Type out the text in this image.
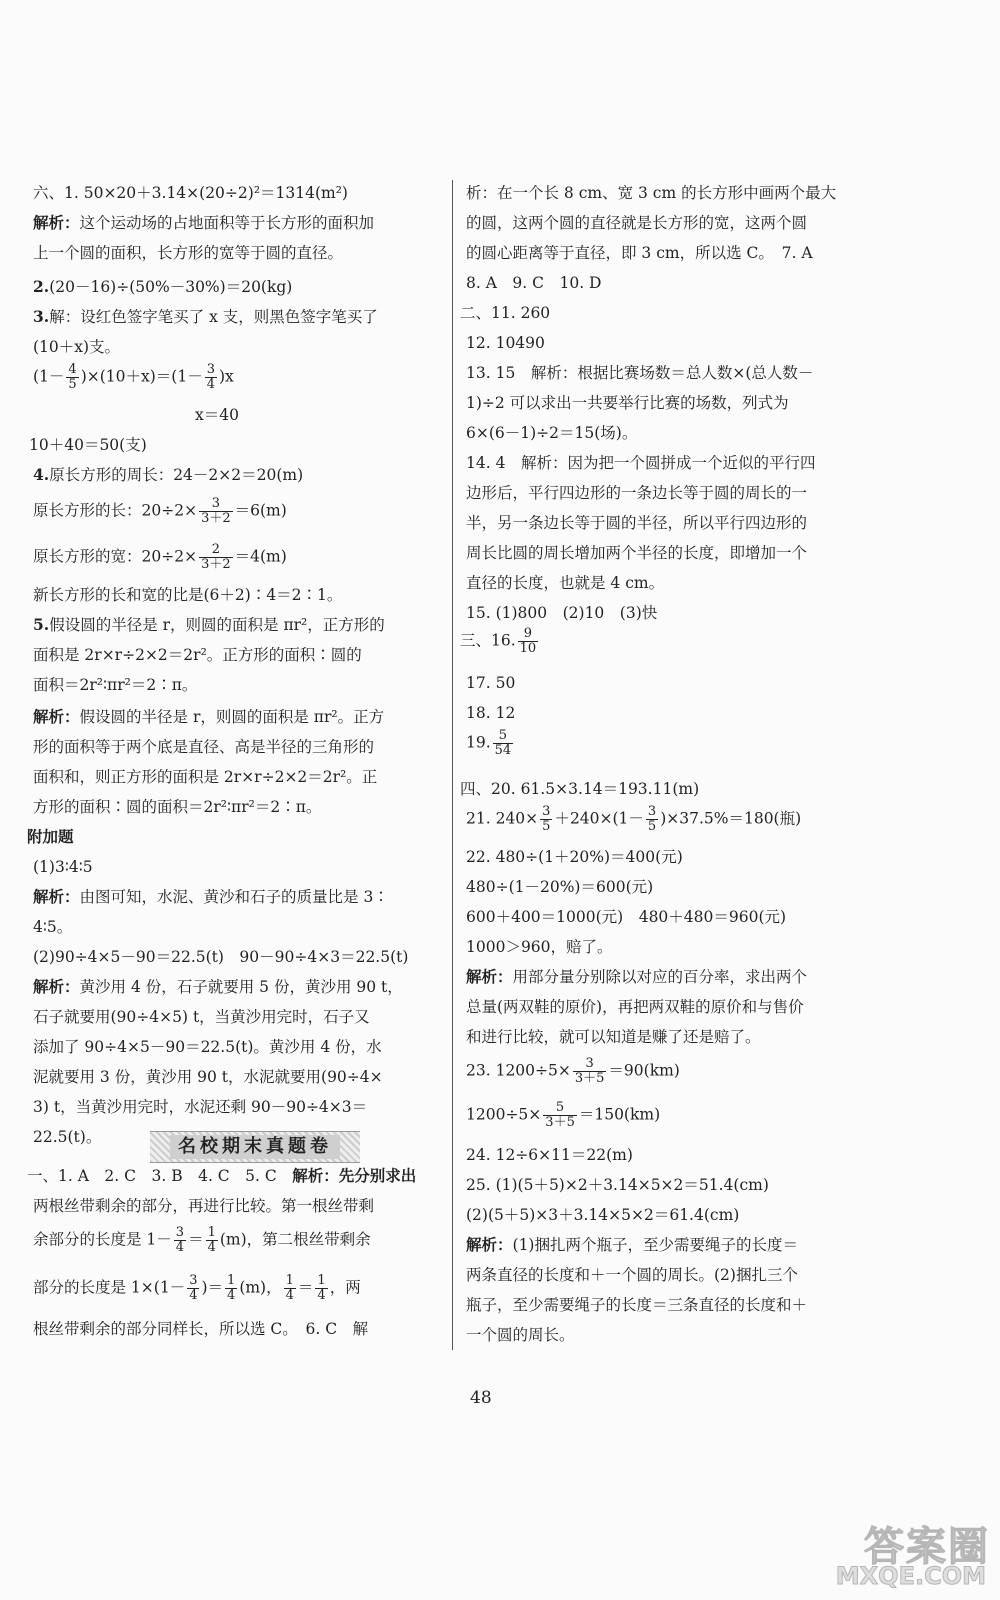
六、1. 50×20＋3.14×(20÷2)²＝1314(m²)
解析：这个运动场的占地面积等于长方形的面积加
上一个圆的面积，长方形的宽等于圆的直径。
2.(20－16)÷(50%－30%)＝20(kg)
3.解：设红色签字笔买了 x 支，则黑色签字笔买了
(10＋x)支。
$(1- \frac{4}{5} )\times(10+x)=(1- \frac{3}{4} )x$
x＝40
10＋40＝50(支)
4.原长方形的周长：24－2×2＝20(m)
原长方形的长：$20\div 2\times \frac{3}{3+2} =6(m)$
原长方形的宽：$20\div 2\times \frac{2}{3+2} =4(m)$
新长方形的长和宽的比是(6＋2)∶4＝2∶1。
5.假设圆的半径是 r，则圆的面积是 πr²，正方形的
面积是 2r×r÷2×2＝2r²。正方形的面积∶圆的
面积＝2r²∶πr²＝2∶π。
解析：假设圆的半径是 r，则圆的面积是 πr²。正方
形的面积等于两个底是直径、高是半径的三角形的
面积和，则正方形的面积是 2r×r÷2×2＝2r²。正
方形的面积∶圆的面积＝2r²∶πr²＝2∶π。
附加题
(1)3∶4∶5
解析：由图可知，水泥、黄沙和石子的质量比是 3∶
4∶5。
(2)90÷4×5－90＝22.5(t)　90－90÷4×3＝22.5(t)
解析：黄沙用 4 份，石子就要用 5 份，黄沙用 90 t，
石子就要用(90÷4×5) t，当黄沙用完时，石子又
添加了 90÷4×5－90＝22.5(t)。黄沙用 4 份，水
泥就要用 3 份，黄沙用 90 t，水泥就要用(90÷4×
3) t，当黄沙用完时，水泥还剩 90－90÷4×3＝
22.5(t)。
一、1. A　2. C　3. B　4. C　5. C　 解析：先分别求出
两根丝带剩余的部分，再进行比较。第一根丝带剩
余部分的长度是 $1- \frac{3}{4} = \frac{1}{4} (m)$，第二根丝带剩余
部分的长度是 $1\times(1- \frac{3}{4}$ )＝ $\frac{1}{4} (m)$， $\frac{1}{4} = \frac{1}{4}$ ，两
根丝带剩余的部分同样长，所以选 C。　6. C　解
名校期末真题卷
析：在一个长 8 cm、宽 3 cm 的长方形中画两个最大
的圆，这两个圆的直径就是长方形的宽，这两个圆
的圆心距离等于直径，即 3 cm，所以选 C。　7. A
8. A　9. C　10. D
二、11. 260
12. 10490
13. 15　 解析：根据比赛场数＝总人数×(总人数－
1)÷2 可以求出一共要举行比赛的场数，列式为
6×(6－1)÷2＝15(场)。
14. 4　 解析：因为把一个圆拼成一个近似的平行四
边形后，平行四边形的一条边长等于圆的周长的一
半，另一条边长等于圆的半径，所以平行四边形的
周长比圆的周长增加两个半径的长度，即增加一个
直径的长度，也就是 4 cm。
15. (1)800　(2)10　(3)快
三、16. $\frac{9}{10}$
17. 50
18. 12
19. $\frac{5}{54}$
四、20. 61.5×3.14＝193.11(m)
21. $240\times \frac{3}{5} +240\times(1- \frac{3}{5} )\times 37.5\%=180$(瓶)
22. 480÷(1＋20%)＝400(元)
480÷(1－20%)＝600(元)
600＋400＝1000(元)　480＋480＝960(元)
1000＞960，赔了。
解析：用部分量分别除以对应的百分率，求出两个
总量(两双鞋的原价)，再把两双鞋的原价和与售价
和进行比较，就可以知道是赚了还是赔了。
23. $1200\div 5\times \frac{3}{3+5} =90(km)$
$1200\div 5\times \frac{5}{3+5} =150(km)$
24. 12÷6×11＝22(m)
25. (1)(5＋5)×2＋3.14×5×2＝51.4(cm)
(2)(5＋5)×3＋3.14×5×2＝61.4(cm)
解析：(1)捆扎两个瓶子，至少需要绳子的长度＝
两条直径的长度和＋一个圆的周长。(2)捆扎三个
瓶子，至少需要绳子的长度＝三条直径的长度和＋
一个圆的周长。
48
答案圈
MXQE.COM
